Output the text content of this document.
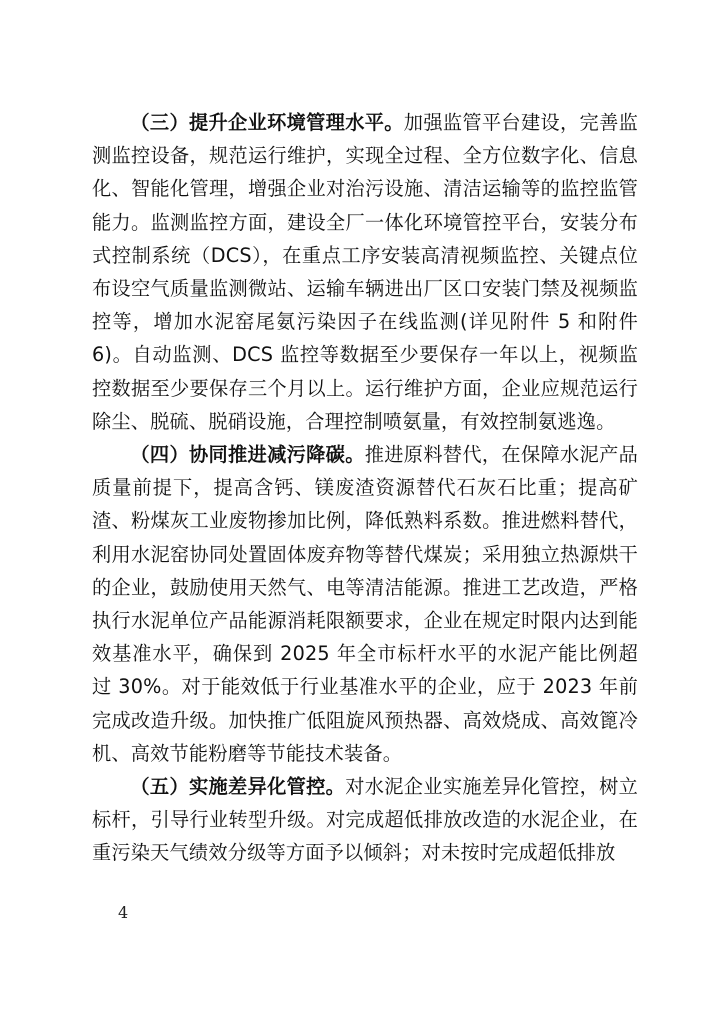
（三）提升企业环境管理水平。加强监管平台建设，完善监测监控设备，规范运行维护，实现全过程、全方位数字化、信息化、智能化管理，增强企业对治污设施、清洁运输等的监控监管能力。监测监控方面，建设全厂一体化环境管控平台，安装分布式控制系统（DCS），在重点工序安装高清视频监控、关键点位布设空气质量监测微站、运输车辆进出厂区口安装门禁及视频监控等，增加水泥窑尾氨污染因子在线监测(详见附件 5 和附件 6)。自动监测、DCS 监控等数据至少要保存一年以上，视频监控数据至少要保存三个月以上。运行维护方面，企业应规范运行除尘、脱硫、脱硝设施，合理控制喷氨量，有效控制氨逃逸。

（四）协同推进减污降碳。推进原料替代，在保障水泥产品质量前提下，提高含钙、镁废渣资源替代石灰石比重；提高矿渣、粉煤灰工业废物掺加比例，降低熟料系数。推进燃料替代，利用水泥窑协同处置固体废弃物等替代煤炭；采用独立热源烘干的企业，鼓励使用天然气、电等清洁能源。推进工艺改造，严格执行水泥单位产品能源消耗限额要求，企业在规定时限内达到能效基准水平，确保到 2025 年全市标杆水平的水泥产能比例超过 30%。对于能效低于行业基准水平的企业，应于 2023 年前完成改造升级。加快推广低阻旋风预热器、高效烧成、高效篦冷机、高效节能粉磨等节能技术装备。

（五）实施差异化管控。对水泥企业实施差异化管控，树立标杆，引导行业转型升级。对完成超低排放改造的水泥企业，在重污染天气绩效分级等方面予以倾斜；对未按时完成超低排放

4
